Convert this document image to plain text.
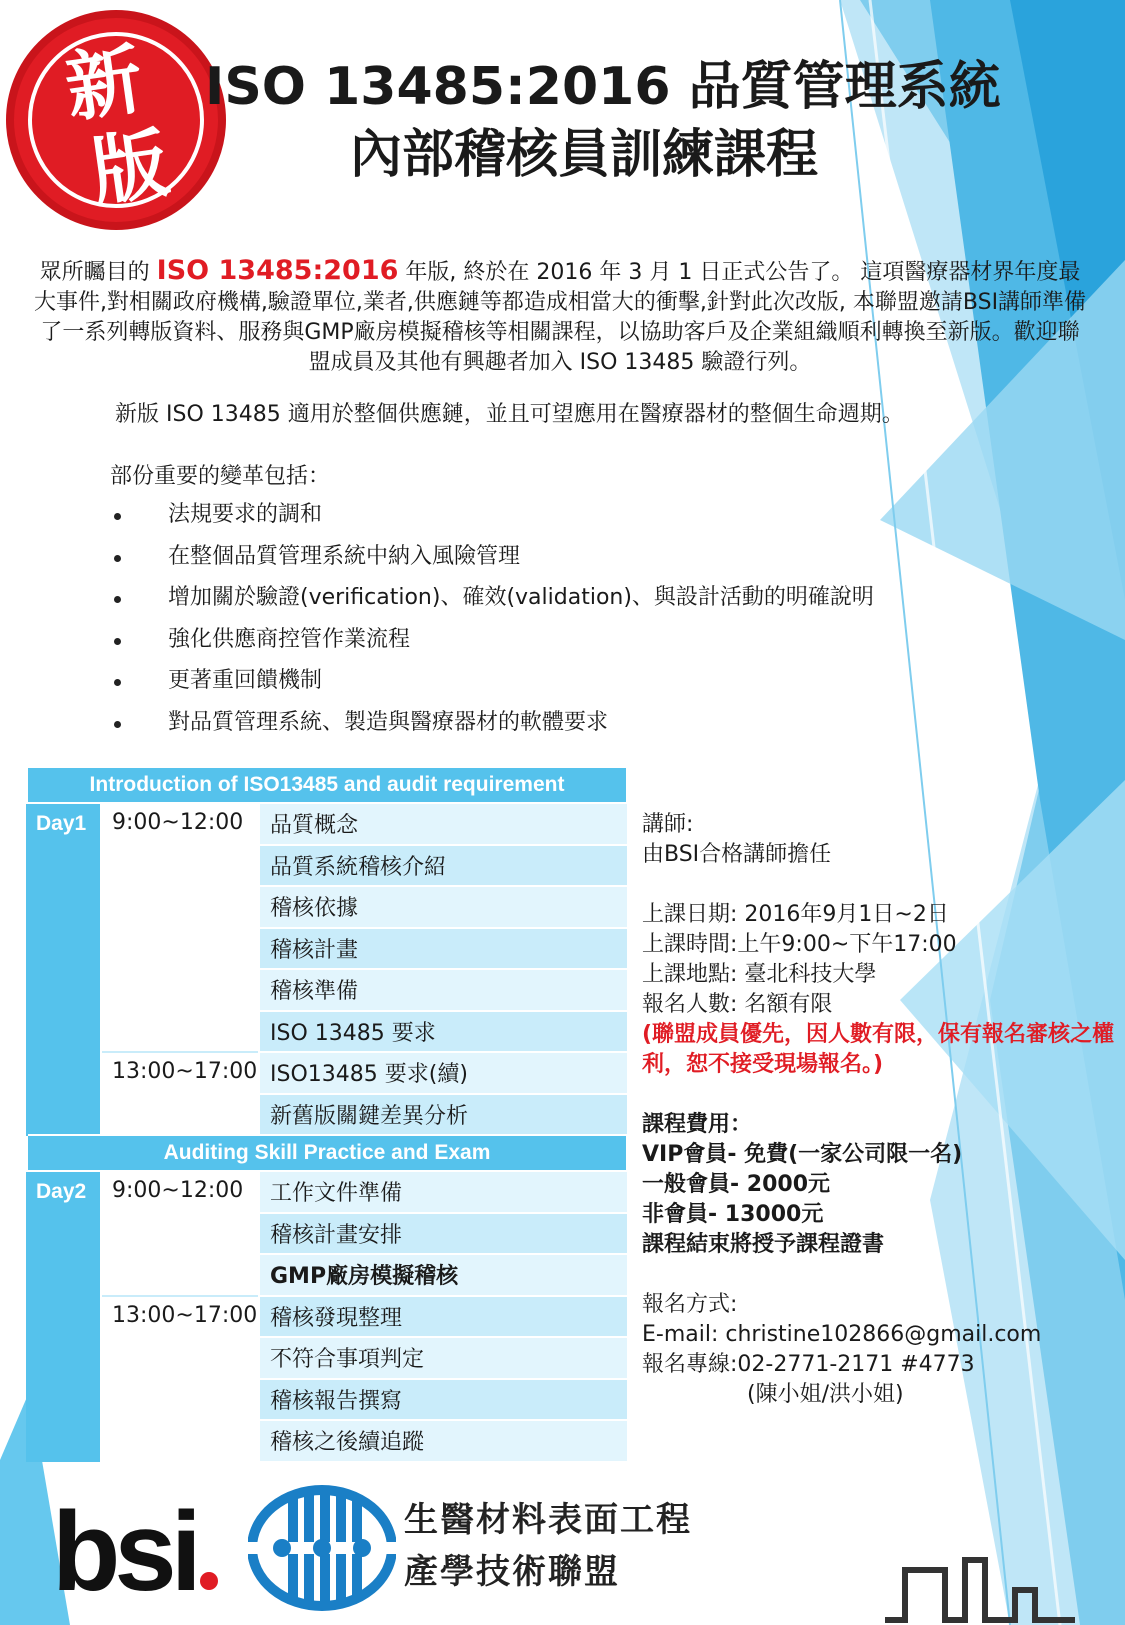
新
版
ISO 13485:2016 品質管理系統
內部稽核員訓練課程
眾所矚目的 ISO 13485:2016 年版, 終於在 2016 年 3 月 1 日正式公告了。 這項醫療器材界年度最大事件,對相關政府機構,驗證單位,業者,供應鏈等都造成相當大的衝擊,針對此次改版, 本聯盟邀請BSI講師準備了一系列轉版資料、服務與GMP廠房模擬稽核等相關課程，以協助客戶及企業組織順利轉換至新版。歡迎聯盟成員及其他有興趣者加入 ISO 13485 驗證行列。
新版 ISO 13485 適用於整個供應鏈，並且可望應用在醫療器材的整個生命週期。
部份重要的變革包括：
法規要求的調和
在整個品質管理系統中納入風險管理
增加關於驗證(verification)、確效(validation)、與設計活動的明確說明
強化供應商控管作業流程
更著重回饋機制
對品質管理系統、製造與醫療器材的軟體要求
Introduction of ISO13485 and audit requirement		
Day1	9:00~12:00	品質概念
		品質系統稽核介紹
		稽核依據
		稽核計畫
		稽核準備
		ISO 13485 要求
	13:00~17:00	ISO13485 要求(續)
		新舊版關鍵差異分析
Auditing Skill Practice and Exam		
Day2	9:00~12:00	工作文件準備
		稽核計畫安排
		GMP廠房模擬稽核
	13:00~17:00	稽核發現整理
		不符合事項判定
		稽核報告撰寫
		稽核之後續追蹤
講師:
由BSI合格講師擔任
上課日期: 2016年9月1日~2日
上課時間:上午9:00~下午17:00
上課地點: 臺北科技大學
報名人數: 名額有限
(聯盟成員優先，因人數有限，保有報名審核之權利，恕不接受現場報名。)
課程費用：
VIP會員- 免費(一家公司限一名)
一般會員- 2000元
非會員- 13000元
課程結束將授予課程證書
報名方式:
E-mail: christine102866@gmail.com
報名專線:02-2771-2171 #4773
(陳小姐/洪小姐)
bsi	生醫材料表面工程
產學技術聯盟
